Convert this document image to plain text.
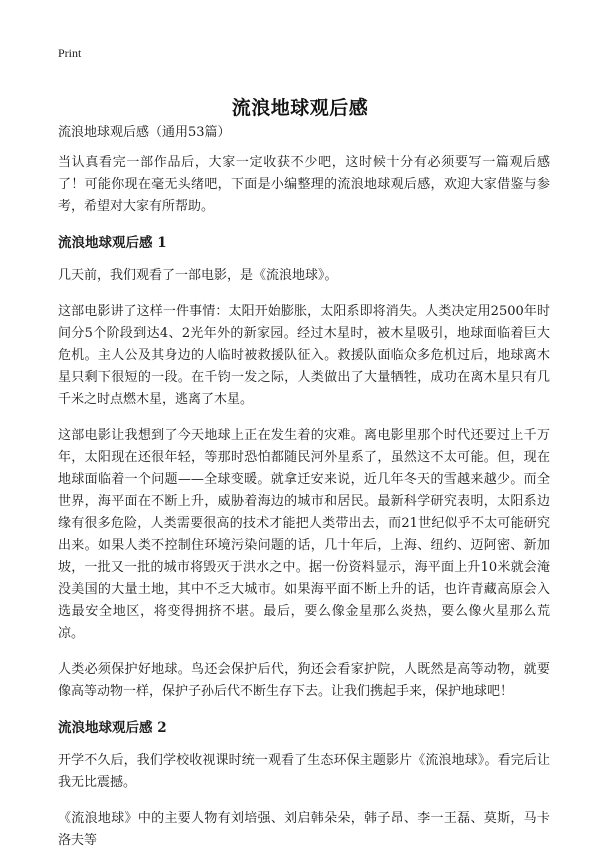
Print
流浪地球观后感

流浪地球观后感（通用53篇）

当认真看完一部作品后，大家一定收获不少吧，这时候十分有必须要写一篇观后感了！可能你现在毫无头绪吧，下面是小编整理的流浪地球观后感，欢迎大家借鉴与参考，希望对大家有所帮助。

流浪地球观后感 1

几天前，我们观看了一部电影，是《流浪地球》。

这部电影讲了这样一件事情：太阳开始膨胀，太阳系即将消失。人类决定用2500年时间分5个阶段到达4、2光年外的新家园。经过木星时，被木星吸引，地球面临着巨大危机。主人公及其身边的人临时被救援队征入。救援队面临众多危机过后，地球离木星只剩下很短的一段。在千钧一发之际，人类做出了大量牺牲，成功在离木星只有几千米之时点燃木星，逃离了木星。

这部电影让我想到了今天地球上正在发生着的灾难。离电影里那个时代还要过上千万年，太阳现在还很年轻，等那时恐怕都随民河外星系了，虽然这不太可能。但，现在地球面临着一个问题——全球变暖。就拿迁安来说，近几年冬天的雪越来越少。而全世界，海平面在不断上升，威胁着海边的城市和居民。最新科学研究表明，太阳系边缘有很多危险，人类需要很高的技术才能把人类带出去，而21世纪似乎不太可能研究出来。如果人类不控制住环境污染问题的话，几十年后，上海、纽约、迈阿密、新加坡，一批又一批的城市将毁灭于洪水之中。据一份资料显示，海平面上升10米就会淹没美国的大量土地，其中不乏大城市。如果海平面不断上升的话，也许青藏高原会入选最安全地区，将变得拥挤不堪。最后，要么像金星那么炎热，要么像火星那么荒凉。

人类必须保护好地球。鸟还会保护后代，狗还会看家护院，人既然是高等动物，就要像高等动物一样，保护子孙后代不断生存下去。让我们携起手来，保护地球吧！

流浪地球观后感 2

开学不久后，我们学校收视课时统一观看了生态环保主题影片《流浪地球》。看完后让我无比震撼。

《流浪地球》中的主要人物有刘培强、刘启韩朵朵，韩子昂、李一王磊、莫斯，马卡洛夫等
